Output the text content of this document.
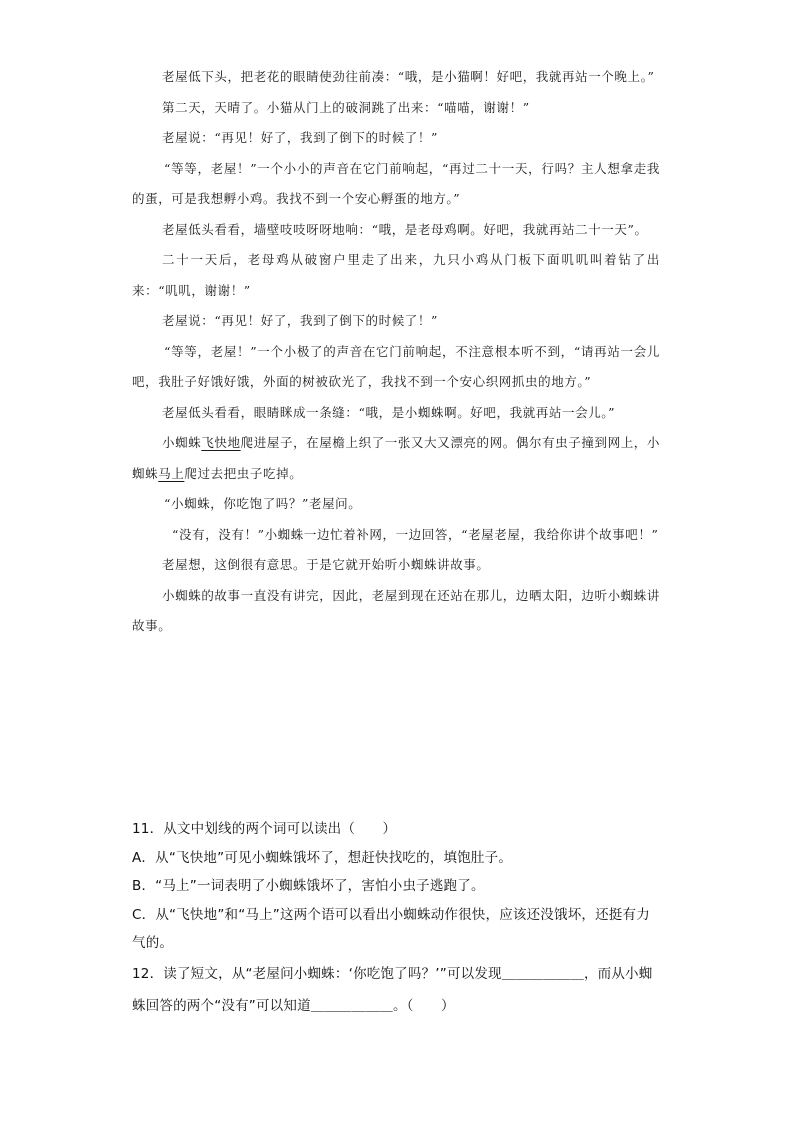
老屋低下头，把老花的眼睛使劲往前凑：“哦，是小猫啊！好吧，我就再站一个晚上。”

第二天，天晴了。小猫从门上的破洞跳了出来：“喵喵，谢谢！”

老屋说：“再见！好了，我到了倒下的时候了！”

“等等，老屋！”一个小小的声音在它门前响起，“再过二十一天，行吗？主人想拿走我的蛋，可是我想孵小鸡。我找不到一个安心孵蛋的地方。”

老屋低头看看，墙壁吱吱呀呀地响：“哦，是老母鸡啊。好吧，我就再站二十一天”。

二十一天后，老母鸡从破窗户里走了出来，九只小鸡从门板下面叽叽叫着钻了出来：“叽叽，谢谢！”

老屋说：“再见！好了，我到了倒下的时候了！”

“等等，老屋！”一个小极了的声音在它门前响起，不注意根本听不到，“请再站一会儿吧，我肚子好饿好饿，外面的树被砍光了，我找不到一个安心织网抓虫的地方。”

老屋低头看看，眼睛眯成一条缝：“哦，是小蜘蛛啊。好吧，我就再站一会儿。”

小蜘蛛飞快地爬进屋子，在屋檐上织了一张又大又漂亮的网。偶尔有虫子撞到网上，小蜘蛛马上爬过去把虫子吃掉。

“小蜘蛛，你吃饱了吗？”老屋问。

“没有，没有！”小蜘蛛一边忙着补网，一边回答，“老屋老屋，我给你讲个故事吧！”

老屋想，这倒很有意思。于是它就开始听小蜘蛛讲故事。

小蜘蛛的故事一直没有讲完，因此，老屋到现在还站在那儿，边晒太阳，边听小蜘蛛讲故事。

11．从文中划线的两个词可以读出（　　）

A．从“飞快地”可见小蜘蛛饿坏了，想赶快找吃的，填饱肚子。

B．“马上”一词表明了小蜘蛛饿坏了，害怕小虫子逃跑了。

C．从“飞快地”和“马上”这两个语可以看出小蜘蛛动作很快，应该还没饿坏，还挺有力气的。

12．读了短文，从“老屋问小蜘蛛：‘你吃饱了吗？’”可以发现＿＿＿＿＿＿，而从小蜘蛛回答的两个“没有”可以知道＿＿＿＿＿＿。（　　）
